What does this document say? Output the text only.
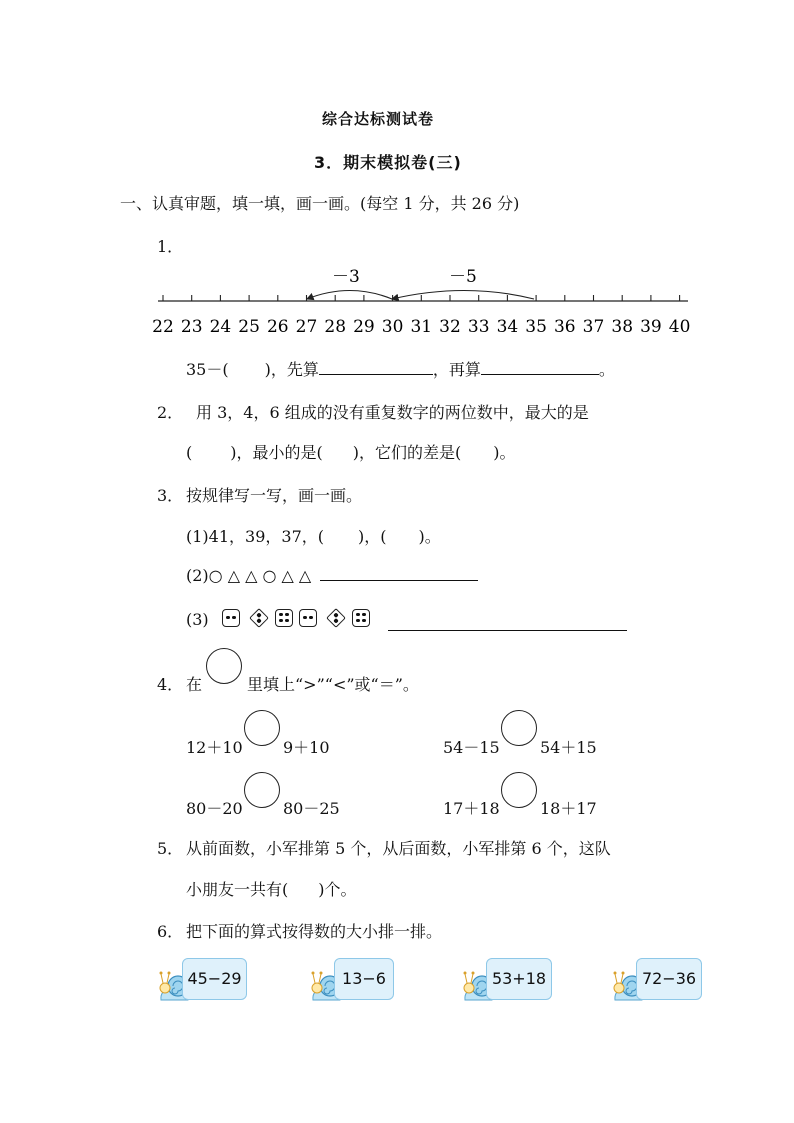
综合达标测试卷
3．期末模拟卷(三)
一、认真审题，填一填，画一画。(每空 1 分，共 26 分)
1．
－3	－5
22 23 24 25 26 27 28 29 30 31 32 33 34 35 36 37 38 39 40
35－( )，先算	，再算	。
2． 用 3，4，6 组成的没有重复数字的两位数中，最大的是
( )，最小的是( )，它们的差是( )。
3． 按规律写一写，画一画。
(1)41，39，37，( )，( )。
(2)○ △ △ ○ △ △
(3)
4． 在	里填上“>”“<”或“＝”。
12＋10	9＋10	54－15	54＋15
80－20	80－25	17＋18	18＋17
5． 从前面数，小军排第 5 个，从后面数，小军排第 6 个，这队
小朋友一共有( )个。
6． 把下面的算式按得数的大小排一排。
45−29	13−6	53+18	72−36
